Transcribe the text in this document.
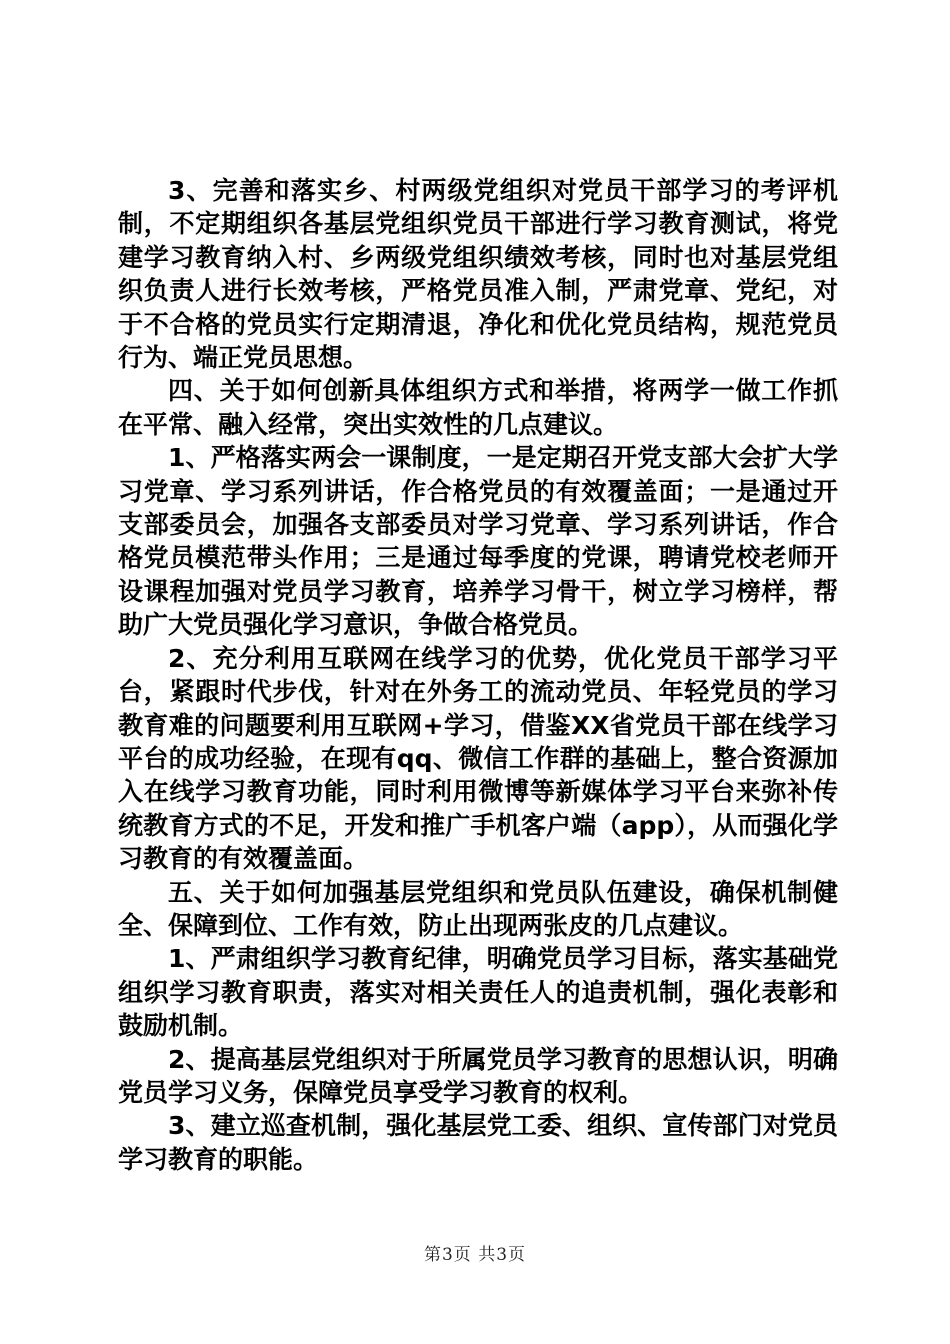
3、完善和落实乡、村两级党组织对党员干部学习的考评机制，不定期组织各基层党组织党员干部进行学习教育测试，将党建学习教育纳入村、乡两级党组织绩效考核，同时也对基层党组织负责人进行长效考核，严格党员准入制，严肃党章、党纪，对于不合格的党员实行定期清退，净化和优化党员结构，规范党员行为、端正党员思想。

四、关于如何创新具体组织方式和举措，将两学一做工作抓在平常、融入经常，突出实效性的几点建议。

1、严格落实两会一课制度，一是定期召开党支部大会扩大学习党章、学习系列讲话，作合格党员的有效覆盖面；一是通过开支部委员会，加强各支部委员对学习党章、学习系列讲话，作合格党员模范带头作用；三是通过每季度的党课，聘请党校老师开设课程加强对党员学习教育，培养学习骨干，树立学习榜样，帮助广大党员强化学习意识，争做合格党员。

2、充分利用互联网在线学习的优势，优化党员干部学习平台，紧跟时代步伐，针对在外务工的流动党员、年轻党员的学习教育难的问题要利用互联网+学习，借鉴XX省党员干部在线学习平台的成功经验，在现有qq、微信工作群的基础上，整合资源加入在线学习教育功能，同时利用微博等新媒体学习平台来弥补传统教育方式的不足，开发和推广手机客户端（app），从而强化学习教育的有效覆盖面。

五、关于如何加强基层党组织和党员队伍建设，确保机制健全、保障到位、工作有效，防止出现两张皮的几点建议。

1、严肃组织学习教育纪律，明确党员学习目标，落实基础党组织学习教育职责，落实对相关责任人的追责机制，强化表彰和鼓励机制。

2、提高基层党组织对于所属党员学习教育的思想认识，明确党员学习义务，保障党员享受学习教育的权利。

3、建立巡查机制，强化基层党工委、组织、宣传部门对党员学习教育的职能。

第3页 共3页
